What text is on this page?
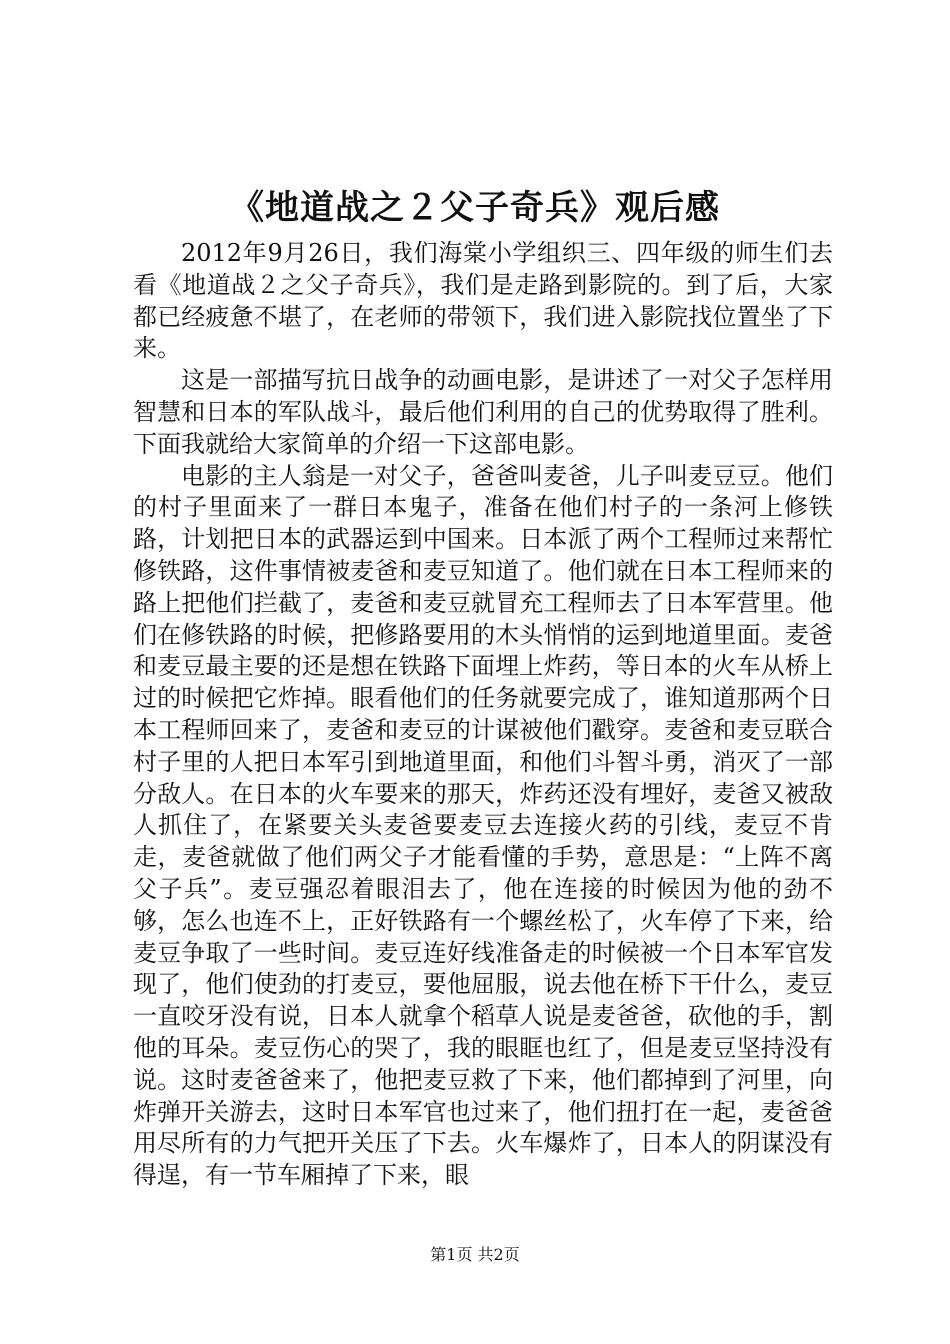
《地道战之２父子奇兵》观后感

2012年9月26日，我们海棠小学组织三、四年级的师生们去看《地道战２之父子奇兵》，我们是走路到影院的。到了后，大家都已经疲惫不堪了，在老师的带领下，我们进入影院找位置坐了下来。

这是一部描写抗日战争的动画电影，是讲述了一对父子怎样用智慧和日本的军队战斗，最后他们利用的自己的优势取得了胜利。下面我就给大家简单的介绍一下这部电影。

电影的主人翁是一对父子，爸爸叫麦爸，儿子叫麦豆豆。他们的村子里面来了一群日本鬼子，准备在他们村子的一条河上修铁路，计划把日本的武器运到中国来。日本派了两个工程师过来帮忙修铁路，这件事情被麦爸和麦豆知道了。他们就在日本工程师来的路上把他们拦截了，麦爸和麦豆就冒充工程师去了日本军营里。他们在修铁路的时候，把修路要用的木头悄悄的运到地道里面。麦爸和麦豆最主要的还是想在铁路下面埋上炸药，等日本的火车从桥上过的时候把它炸掉。眼看他们的任务就要完成了，谁知道那两个日本工程师回来了，麦爸和麦豆的计谋被他们戳穿。麦爸和麦豆联合村子里的人把日本军引到地道里面，和他们斗智斗勇，消灭了一部分敌人。在日本的火车要来的那天，炸药还没有埋好，麦爸又被敌人抓住了，在紧要关头麦爸要麦豆去连接火药的引线，麦豆不肯走，麦爸就做了他们两父子才能看懂的手势，意思是：“上阵不离父子兵”。麦豆强忍着眼泪去了，他在连接的时候因为他的劲不够，怎么也连不上，正好铁路有一个螺丝松了，火车停了下来，给麦豆争取了一些时间。麦豆连好线准备走的时候被一个日本军官发现了，他们使劲的打麦豆，要他屈服，说去他在桥下干什么，麦豆一直咬牙没有说，日本人就拿个稻草人说是麦爸爸，砍他的手，割他的耳朵。麦豆伤心的哭了，我的眼眶也红了，但是麦豆坚持没有说。这时麦爸爸来了，他把麦豆救了下来，他们都掉到了河里，向炸弹开关游去，这时日本军官也过来了，他们扭打在一起，麦爸爸用尽所有的力气把开关压了下去。火车爆炸了，日本人的阴谋没有得逞，有一节车厢掉了下来，眼

第1页 共2页
